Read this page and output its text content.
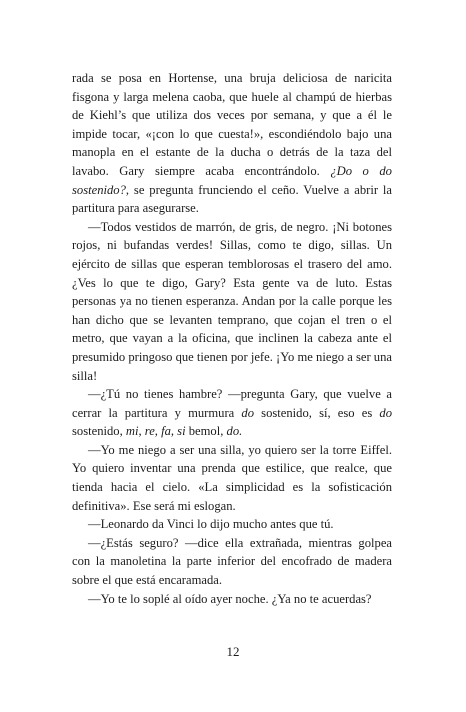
rada se posa en Hortense, una bruja deliciosa de naricita fisgona y larga melena caoba, que huele al champú de hierbas de Kiehl’s que utiliza dos veces por semana, y que a él le impide tocar, «¡con lo que cuesta!», escondiéndolo bajo una manopla en el estante de la ducha o detrás de la taza del lavabo. Gary siempre acaba encontrándolo. ¿Do o do sostenido?, se pregunta frunciendo el ceño. Vuelve a abrir la partitura para asegurarse.

—Todos vestidos de marrón, de gris, de negro. ¡Ni botones rojos, ni bufandas verdes! Sillas, como te digo, sillas. Un ejército de sillas que esperan temblorosas el trasero del amo. ¿Ves lo que te digo, Gary? Esta gente va de luto. Estas personas ya no tienen esperanza. Andan por la calle porque les han dicho que se levanten temprano, que cojan el tren o el metro, que vayan a la oficina, que inclinen la cabeza ante el presumido pringoso que tienen por jefe. ¡Yo me niego a ser una silla!

—¿Tú no tienes hambre? —pregunta Gary, que vuelve a cerrar la partitura y murmura do sostenido, sí, eso es do sostenido, mi, re, fa, si bemol, do.

—Yo me niego a ser una silla, yo quiero ser la torre Eiffel. Yo quiero inventar una prenda que estilice, que realce, que tienda hacia el cielo. «La simplicidad es la sofisticación definitiva». Ese será mi eslogan.

—Leonardo da Vinci lo dijo mucho antes que tú.

—¿Estás seguro? —dice ella extrañada, mientras golpea con la manoletina la parte inferior del encofrado de madera sobre el que está encaramada.

—Yo te lo soplé al oído ayer noche. ¿Ya no te acuerdas?

12
